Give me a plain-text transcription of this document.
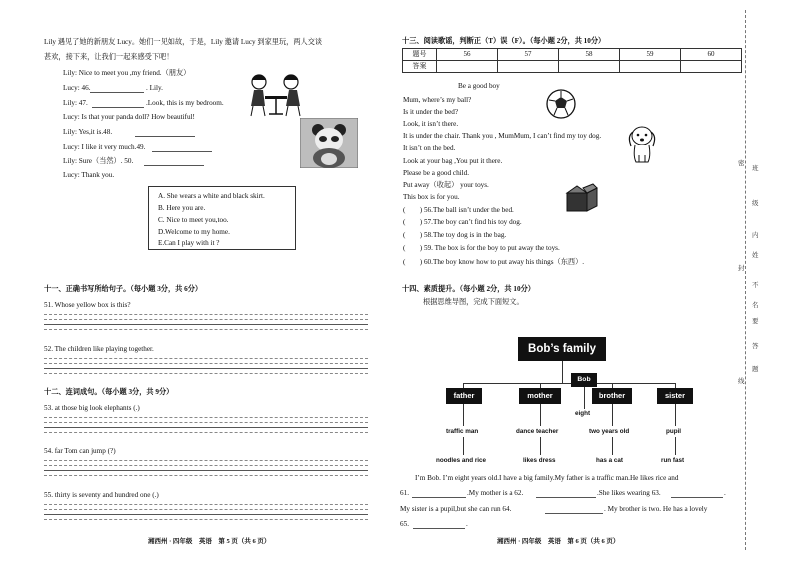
Lily 遇见了她的新朋友 Lucy。她们一见如故，于是，Lily 邀请 Lucy 到家里玩，两人交谈
甚欢，接下来，让我们一起来感受下吧！
Lily: Nice to meet you ,my friend.（朋友）
Lucy: 46.	. Lily.
Lily: 47.	.Look, this is my bedroom.
Lucy: Is that your panda doll? How beautiful!
Lily: Yes,it is.48.
Lucy: I like it very much.49.
Lily: Sure（当然）. 50.
Lucy: Thank you.
A. She wears a white and black skirt.
B. Here you are.
C. Nice to meet you,too.
D.Welcome to my home.
E.Can I play with it ?
十一、正确书写所给句子。（每小题 3分，共 6分）
51. Whose yellow box is this?
52. The children like playing together.
十二、连词成句。（每小题 3分，共 9分）
53. at those big look elephants (.)
54. far Tom can jump (?)
55. thirty is seventy and hundred one (.)
湘西州 · 四年级　英语　第 5 页（共 6 页）
十三、阅读歌谣，判断正（T）误（F）。（每小题 2分，共 10分）
题号	56	57	58	59	60
答案					
Be a good boy
Mum, where’s my ball?
Is it under the bed?
Look, it isn’t there.
It is under the chair. Thank you , MumMum, I can’t find my toy dog.
It isn’t on the bed.
Look at your bag ,You put it there.
Please be a good child.
Put away（收起） your toys.
This box is for you.
(　　) 56.The ball isn’t under the bed.
(　　) 57.The boy can’t find his toy dog.
(　　) 58.The toy dog is in the bag.
(　　) 59. The box is for the boy to put away the toys.
(　　) 60.The boy know how to put away his things（东西）.
十四、素质提升。（每小题 2分，共 10分）
根据思维导图，完成下面短文。
Bob’s family
Bob
father	mother	brother	sister
eight
traffic man	dance teacher	two years old	pupil
noodles and rice	likes dress	has a cat	run fast
I’m Bob. I’m eight years old.I have a big family.My father is a traffic man.He likes rice and
61.	.My mother is a 62.	.She likes wearing 63.	.
My sister is a pupil,but she can run 64.	. My brother is two. He has a lovely
65.	.
湘西州 · 四年级　英语　第 6 页（共 6 页）
密
班
封
级
线
内
姓
不
名
要
答
题
